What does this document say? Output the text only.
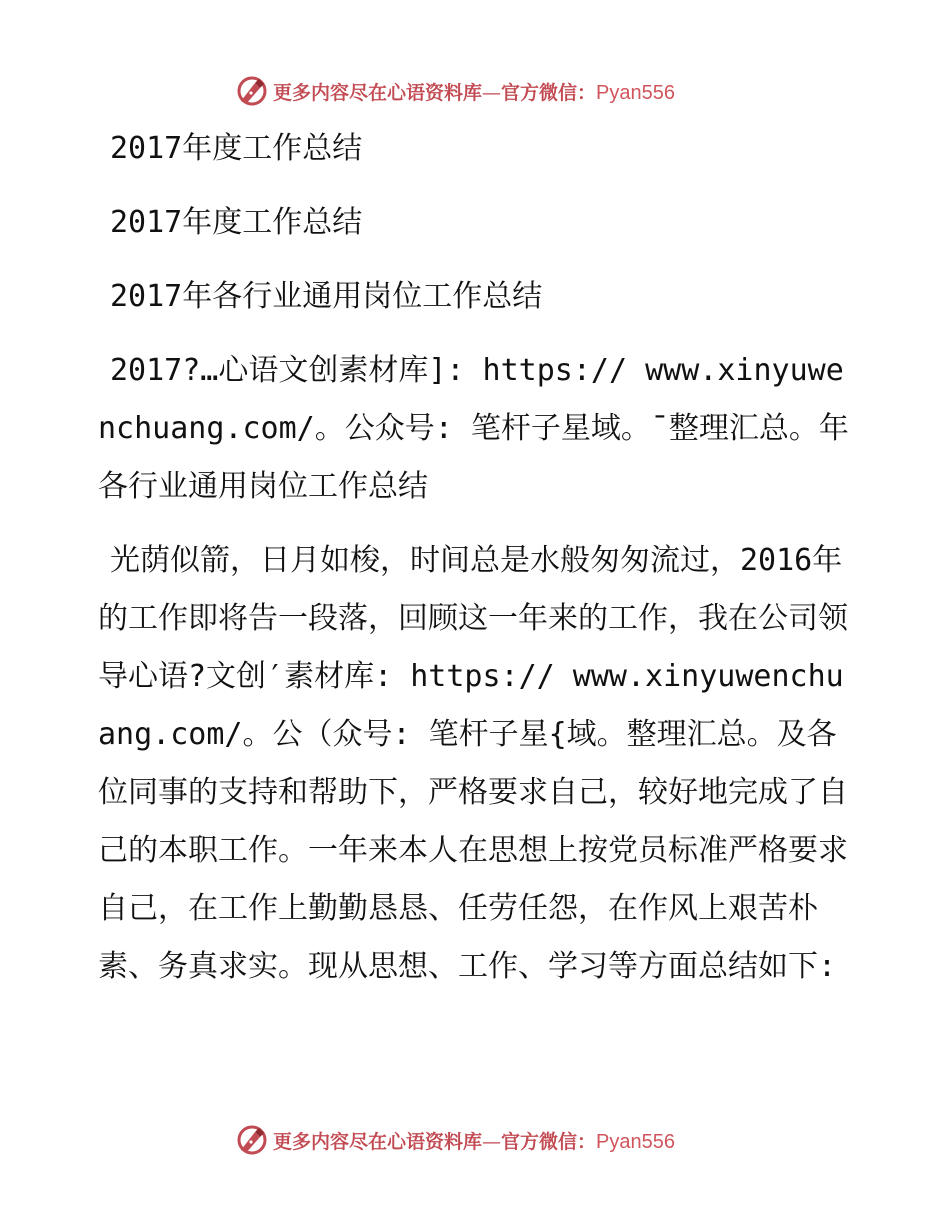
更多内容尽在心语资料库—官方微信：Pyan556

2017年度工作总结

2017年度工作总结

2017年各行业通用岗位工作总结

2017?…心语文创素材库]: https:// www.xinyuwenchuang.com/。公众号: 笔杆子星域。¯整理汇总。年各行业通用岗位工作总结

光荫似箭，日月如梭，时间总是水般匆匆流过，2016年的工作即将告一段落，回顾这一年来的工作，我在公司领导心语?文创′素材库: https:// www.xinyuwenchuang.com/。公（众号: 笔杆子星{域。整理汇总。及各位同事的支持和帮助下，严格要求自己，较好地完成了自己的本职工作。一年来本人在思想上按党员标准严格要求自己，在工作上勤勤恳恳、任劳任怨，在作风上艰苦朴素、务真求实。现从思想、工作、学习等方面总结如下:

更多内容尽在心语资料库—官方微信：Pyan556
